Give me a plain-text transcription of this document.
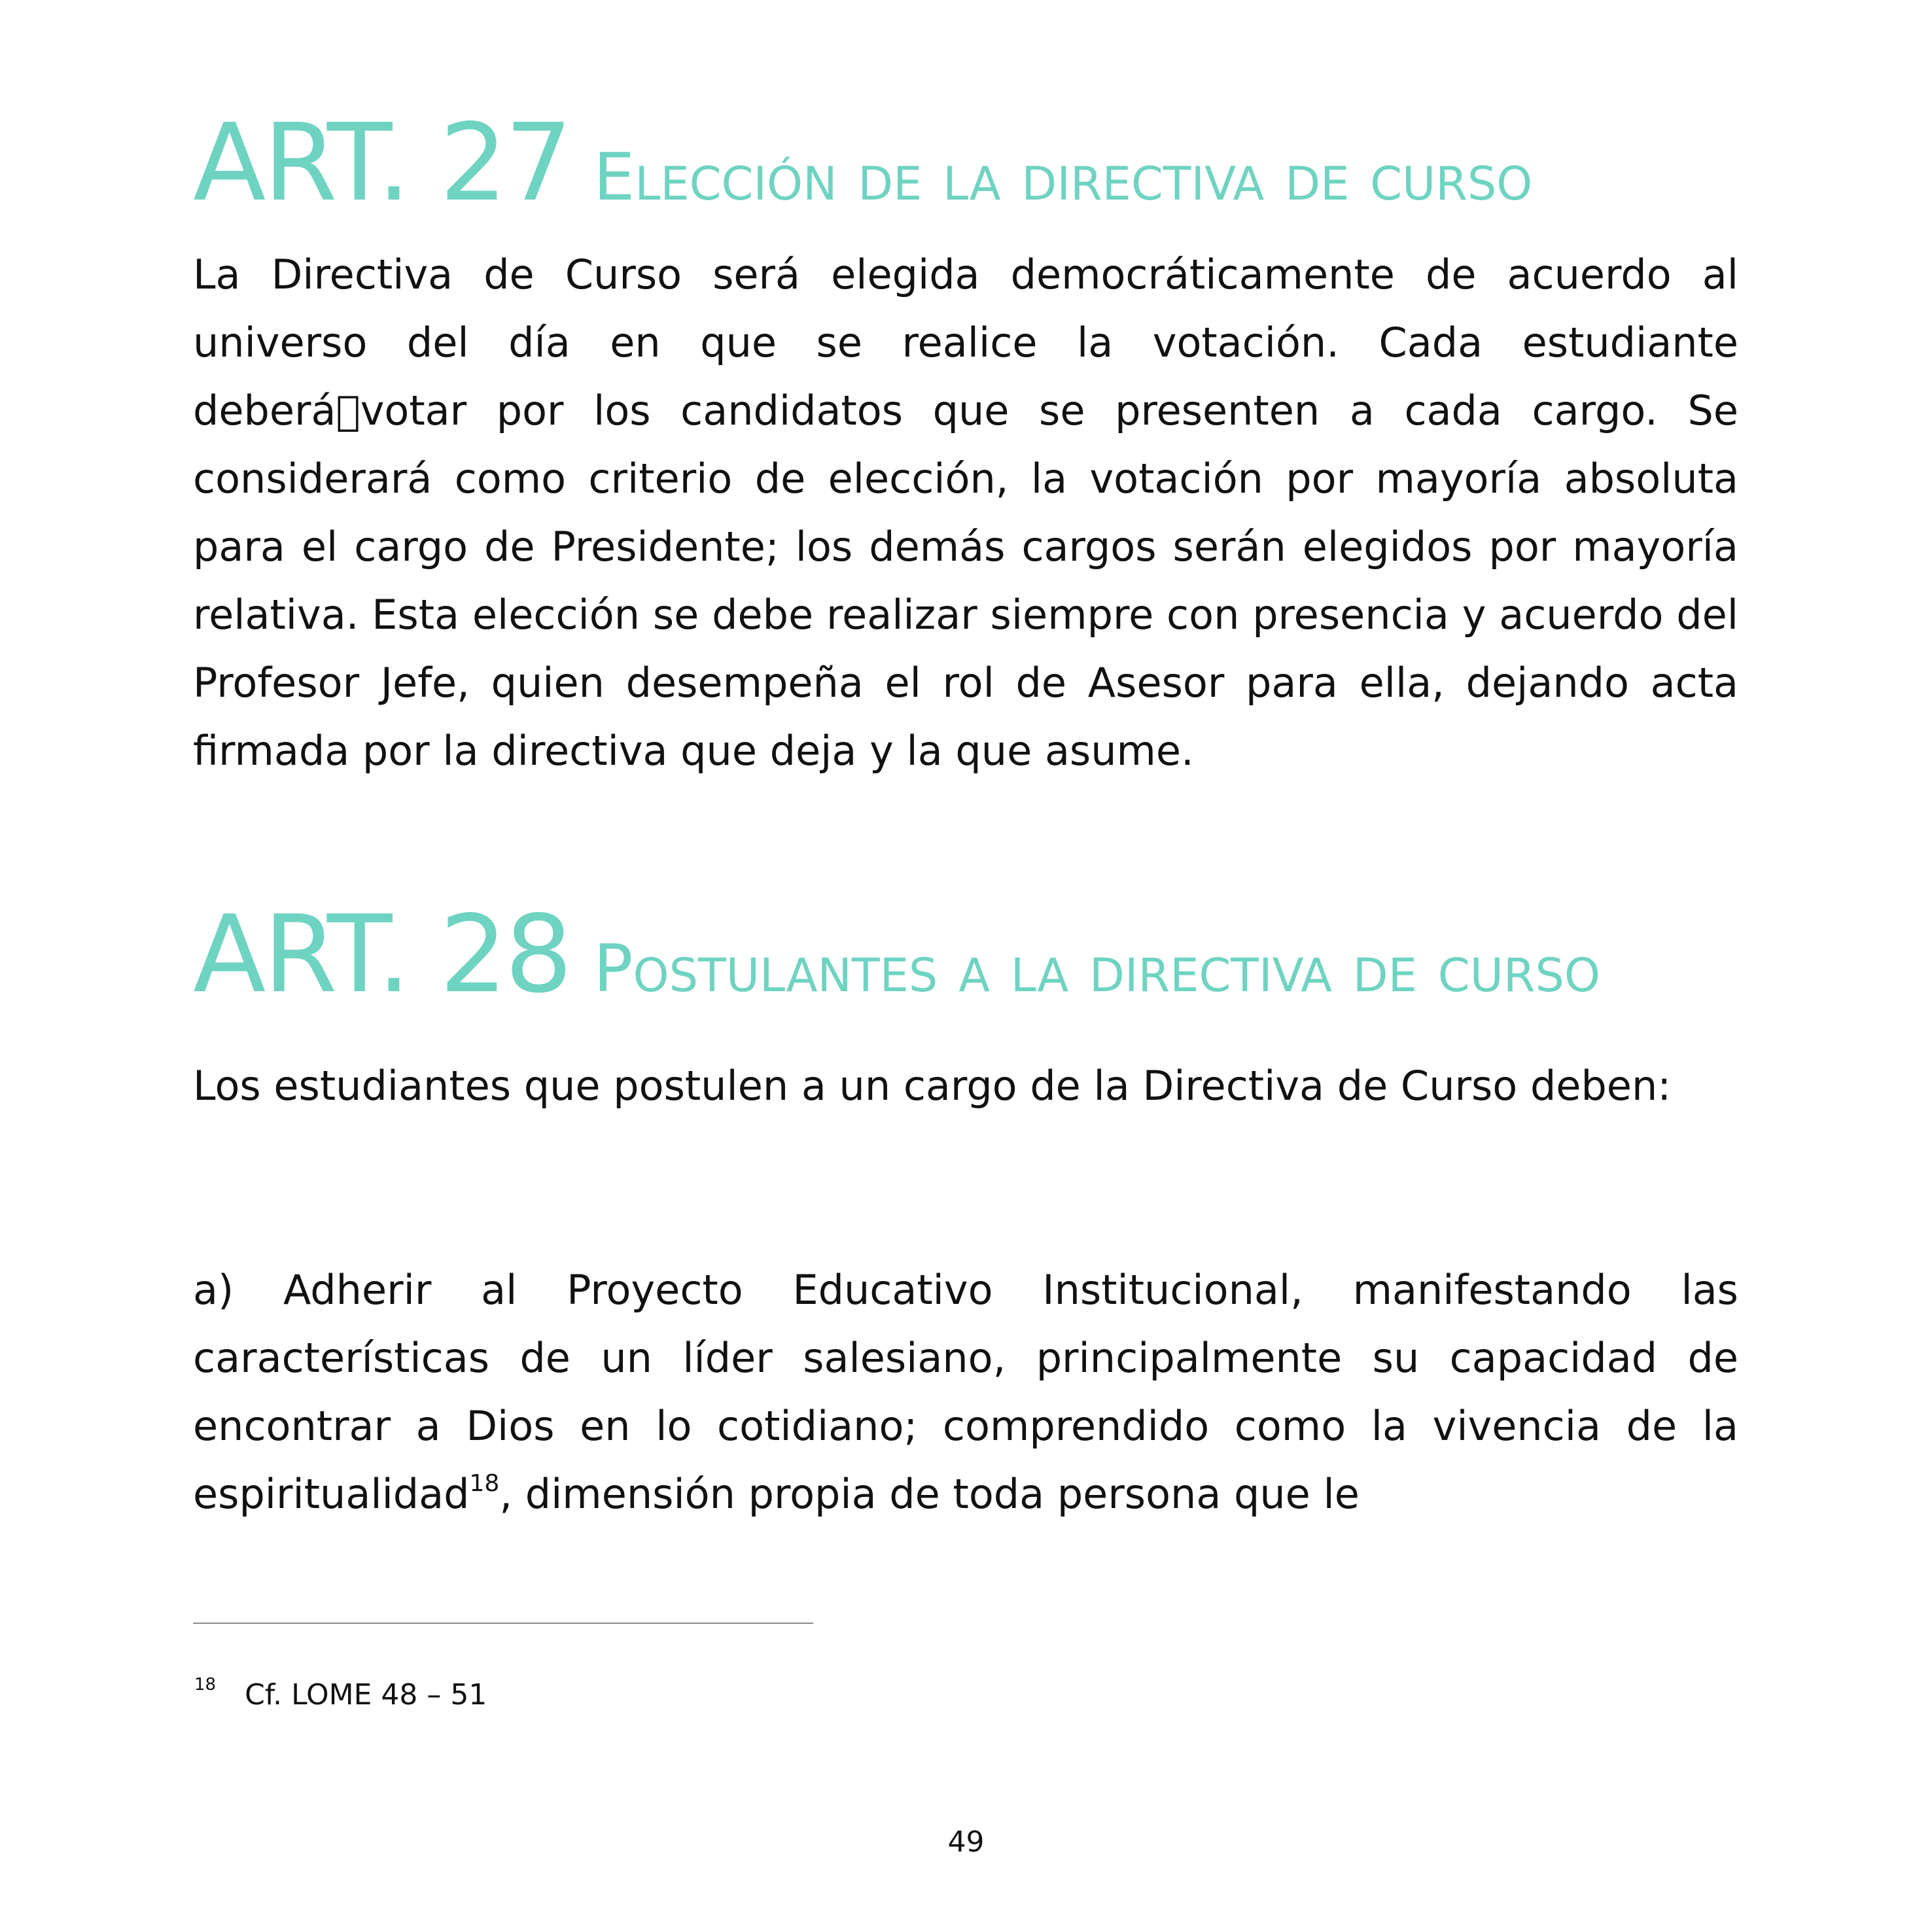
ART. 27 Elección de la directiva de curso

La Directiva de Curso será elegida democráticamente de acuerdo al universo del día en que se realice la votación. Cada estudiante deberá votar por los candidatos que se presenten a cada cargo. Se considerará como criterio de elección, la votación por mayoría absoluta para el cargo de Presidente; los demás cargos serán elegidos por mayoría relativa. Esta elección se debe realizar siempre con presencia y acuerdo del Profesor Jefe, quien desempeña el rol de Asesor para ella, dejando acta firmada por la directiva que deja y la que asume.

ART. 28 Postulantes a la directiva de curso

Los estudiantes que postulen a un cargo de la Directiva de Curso deben:

a) Adherir al Proyecto Educativo Institucional, manifestando las características de un líder salesiano, principalmente su capacidad de encontrar a Dios en lo cotidiano; comprendido como la vivencia de la espiritualidad$^{18}$, dimensión propia de toda persona que le

$^{18}$ Cf. LOME 48 – 51
49
